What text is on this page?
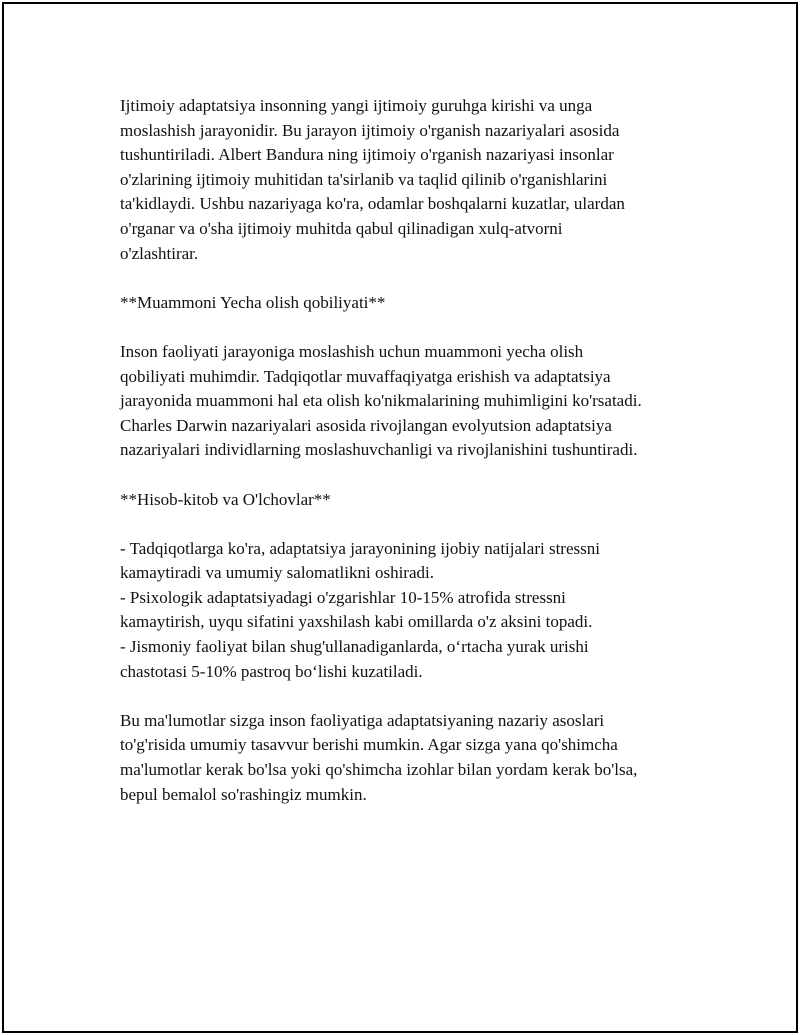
Ijtimoiy adaptatsiya insonning yangi ijtimoiy guruhga kirishi va unga
moslashish jarayonidir. Bu jarayon ijtimoiy o'rganish nazariyalari asosida
tushuntiriladi. Albert Bandura ning ijtimoiy o'rganish nazariyasi insonlar
o'zlarining ijtimoiy muhitidan ta'sirlanib va taqlid qilinib o'rganishlarini
ta'kidlaydi. Ushbu nazariyaga ko'ra, odamlar boshqalarni kuzatlar, ulardan
o'rganar va o'sha ijtimoiy muhitda qabul qilinadigan xulq-atvorni
o'zlashtirar.

**Muammoni Yecha olish qobiliyati**

Inson faoliyati jarayoniga moslashish uchun muammoni yecha olish
qobiliyati muhimdir. Tadqiqotlar muvaffaqiyatga erishish va adaptatsiya
jarayonida muammoni hal eta olish ko'nikmalarining muhimligini ko'rsatadi.
Charles Darwin nazariyalari asosida rivojlangan evolyutsion adaptatsiya
nazariyalari individlarning moslashuvchanligi va rivojlanishini tushuntiradi.

**Hisob-kitob va O'lchovlar**

- Tadqiqotlarga ko'ra, adaptatsiya jarayonining ijobiy natijalari stressni
kamaytiradi va umumiy salomatlikni oshiradi.
- Psixologik adaptatsiyadagi o'zgarishlar 10-15% atrofida stressni
kamaytirish, uyqu sifatini yaxshilash kabi omillarda o'z aksini topadi.
- Jismoniy faoliyat bilan shug'ullanadiganlarda, o‘rtacha yurak urishi
chastotasi 5-10% pastroq bo‘lishi kuzatiladi.

Bu ma'lumotlar sizga inson faoliyatiga adaptatsiyaning nazariy asoslari
to'g'risida umumiy tasavvur berishi mumkin. Agar sizga yana qo'shimcha
ma'lumotlar kerak bo'lsa yoki qo'shimcha izohlar bilan yordam kerak bo'lsa,
bepul bemalol so'rashingiz mumkin.
